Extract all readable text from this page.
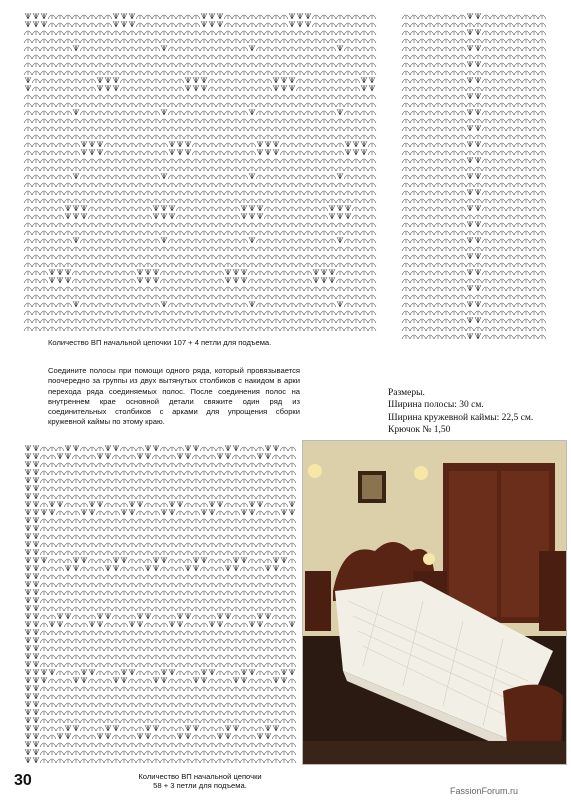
Количество ВП начальной цепочки 107 + 4 петли для подъема.
Соедините полосы при помощи одного ряда, который провязывается поочередно за группы из двух вытянутых столбиков с накидом в арки перехода ряда соединяемых полос. После соединения полос на внутреннем крае основной детали свяжите один ряд из соединительных столбиков с арками для упрощения сборки кружевной каймы по этому краю.
Размеры.
Ширина полосы: 30 см.
Ширина кружевной каймы: 22,5 см.
Крючок № 1,50
Количество ВП начальной цепочки
58 + 3 петли для подъема.
30
FassionForum.ru
